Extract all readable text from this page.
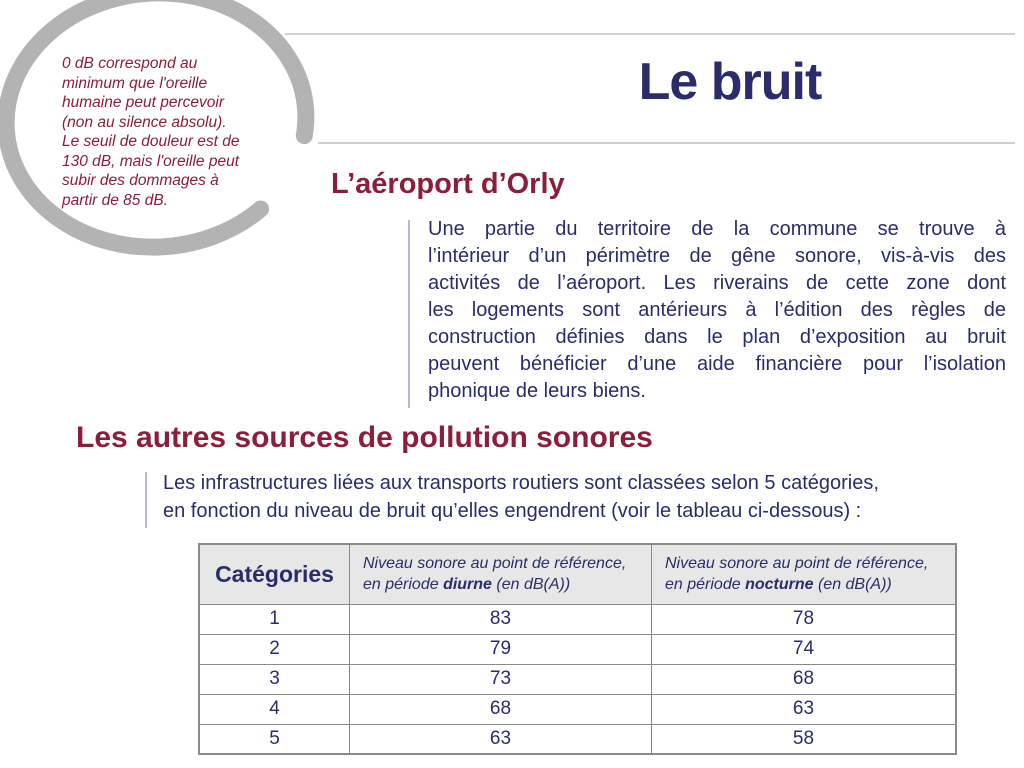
0 dB correspond au
minimum que l'oreille
humaine peut percevoir
(non au silence absolu).
Le seuil de douleur est de
130 dB, mais l'oreille peut
subir des dommages à
partir de 85 dB.
Le bruit
L’aéroport d’Orly
Une partie du territoire de la commune se trouve à
l’intérieur d’un périmètre de gêne sonore, vis-à-vis des
activités de l’aéroport. Les riverains de cette zone dont
les logements sont antérieurs à l’édition des règles de
construction définies dans le plan d’exposition au bruit
peuvent bénéficier d’une aide financière pour l’isolation
phonique de leurs biens.
Les autres sources de pollution sonores
Les infrastructures liées aux transports routiers sont classées selon 5 catégories,
en fonction du niveau de bruit qu’elles engendrent (voir le tableau ci-dessous) :
Catégories	Niveau sonore au point de référence,
en période diurne (en dB(A))	Niveau sonore au point de référence,
en période nocturne (en dB(A))
1	83	78
2	79	74
3	73	68
4	68	63
5	63	58
